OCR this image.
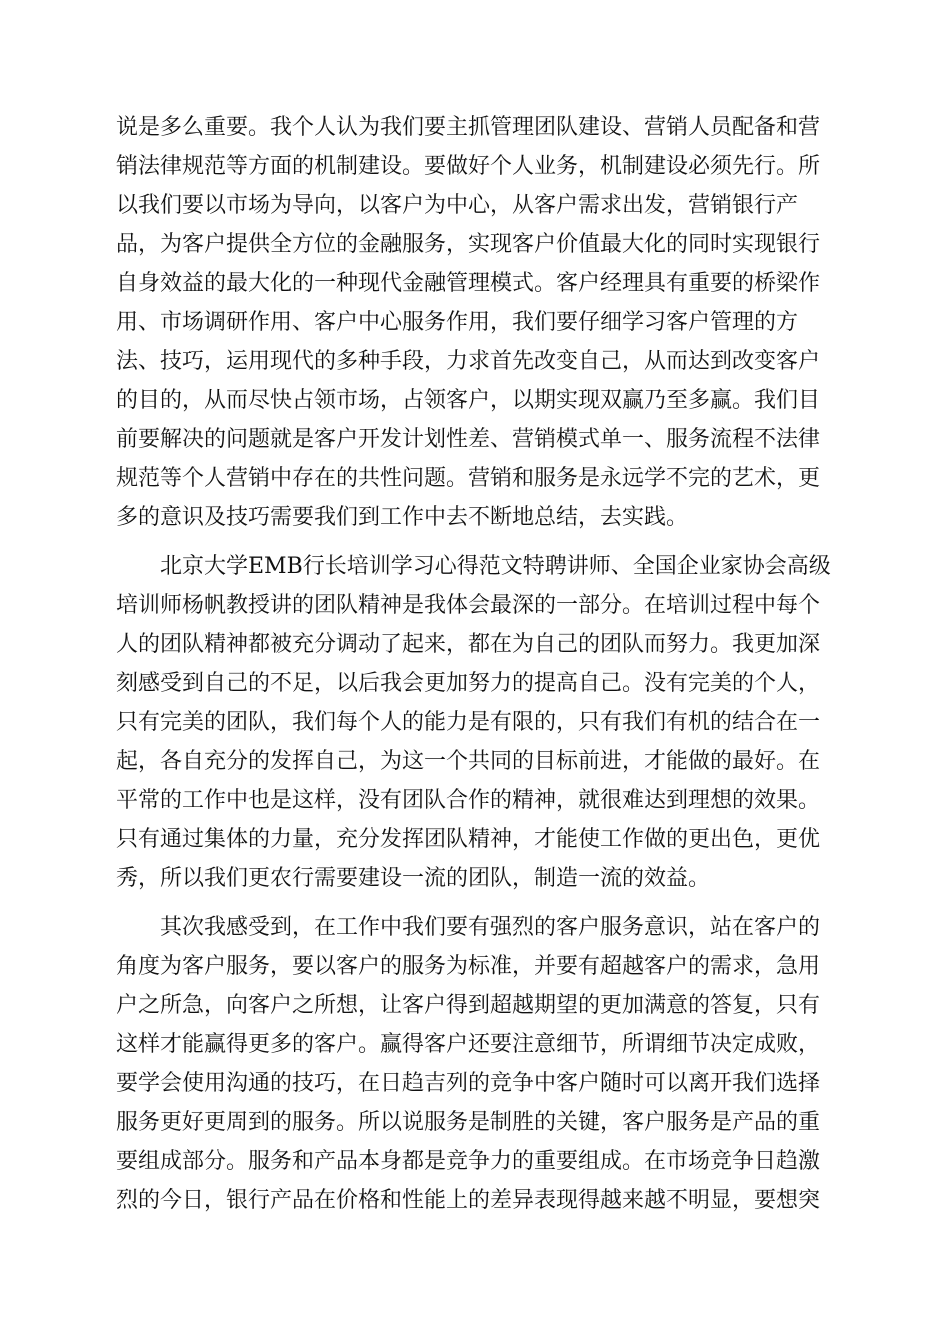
说是多么重要。我个人认为我们要主抓管理团队建设、营销人员配备和营
销法律规范等方面的机制建设。要做好个人业务，机制建设必须先行。所
以我们要以市场为导向，以客户为中心，从客户需求出发，营销银行产
品，为客户提供全方位的金融服务，实现客户价值最大化的同时实现银行
自身效益的最大化的一种现代金融管理模式。客户经理具有重要的桥梁作
用、市场调研作用、客户中心服务作用，我们要仔细学习客户管理的方
法、技巧，运用现代的多种手段，力求首先改变自己，从而达到改变客户
的目的，从而尽快占领市场，占领客户，以期实现双赢乃至多赢。我们目
前要解决的问题就是客户开发计划性差、营销模式单一、服务流程不法律
规范等个人营销中存在的共性问题。营销和服务是永远学不完的艺术，更
多的意识及技巧需要我们到工作中去不断地总结，去实践。
北京大学EMB行长培训学习心得范文特聘讲师、全国企业家协会高级
培训师杨帆教授讲的团队精神是我体会最深的一部分。在培训过程中每个
人的团队精神都被充分调动了起来，都在为自己的团队而努力。我更加深
刻感受到自己的不足，以后我会更加努力的提高自己。没有完美的个人，
只有完美的团队，我们每个人的能力是有限的，只有我们有机的结合在一
起，各自充分的发挥自己，为这一个共同的目标前进，才能做的最好。在
平常的工作中也是这样，没有团队合作的精神，就很难达到理想的效果。
只有通过集体的力量，充分发挥团队精神，才能使工作做的更出色，更优
秀，所以我们更农行需要建设一流的团队，制造一流的效益。
其次我感受到，在工作中我们要有强烈的客户服务意识，站在客户的
角度为客户服务，要以客户的服务为标准，并要有超越客户的需求，急用
户之所急，向客户之所想，让客户得到超越期望的更加满意的答复，只有
这样才能赢得更多的客户。赢得客户还要注意细节，所谓细节决定成败，
要学会使用沟通的技巧，在日趋吉列的竞争中客户随时可以离开我们选择
服务更好更周到的服务。所以说服务是制胜的关键，客户服务是产品的重
要组成部分。服务和产品本身都是竞争力的重要组成。在市场竞争日趋激
烈的今日，银行产品在价格和性能上的差异表现得越来越不明显，要想突
